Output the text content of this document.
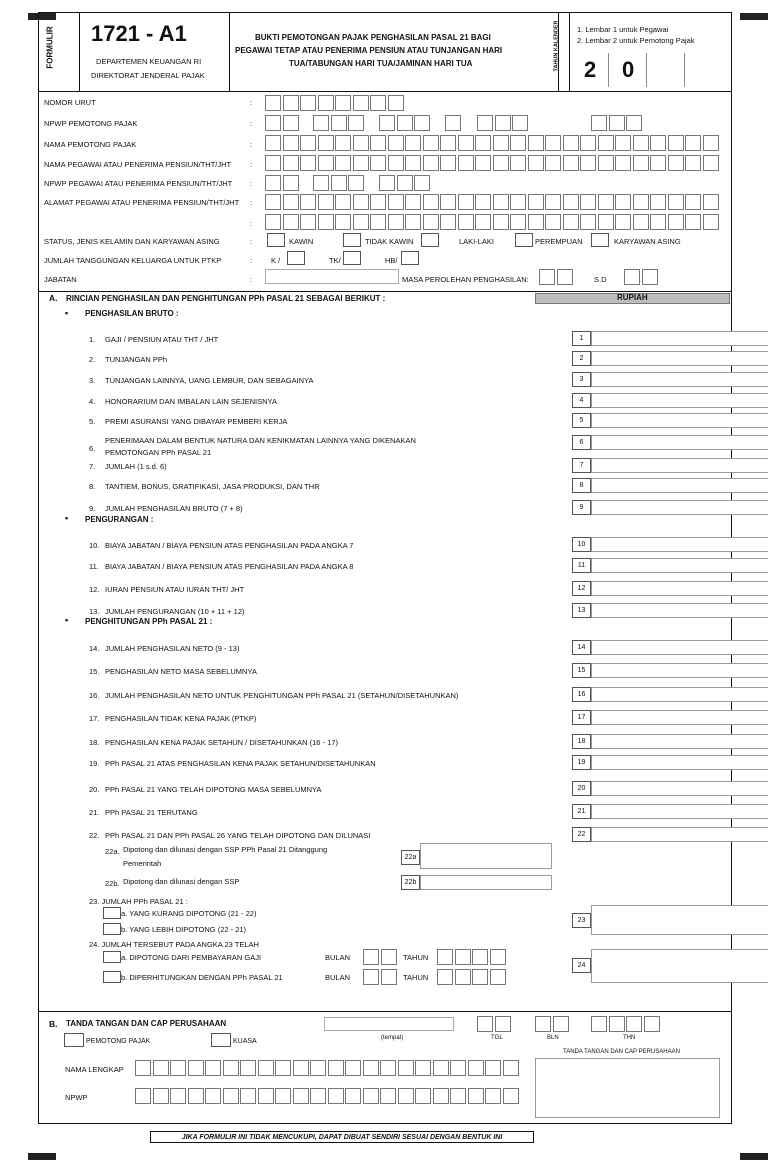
FORMULIR 1721 - A1
DEPARTEMEN KEUANGAN RI
DIREKTORAT JENDERAL PAJAK
BUKTI PEMOTONGAN PAJAK PENGHASILAN PASAL 21 BAGI
PEGAWAI TETAP ATAU PENERIMA PENSIUN ATAU TUNJANGAN HARI
TUA/TABUNGAN HARI TUA/JAMINAN HARI TUA	TAHUN KALENDER 1. Lembar 1 untuk Pegawai
2. Lembar 2 untuk Pemotong Pajak
2 0
NOMOR URUT	:
NPWP PEMOTONG PAJAK	:
NAMA PEMOTONG PAJAK	:
NAMA PEGAWAI ATAU PENERIMA PENSIUN/THT/JHT	:
NPWP PEGAWAI ATAU PENERIMA PENSIUN/THT/JHT :
ALAMAT PEGAWAI ATAU PENERIMA PENSIUN/THT/JHT :
:
STATUS, JENIS KELAMIN DAN KARYAWAN ASING	:	KAWIN	TIDAK KAWIN	LAKI-LAKI	PEREMPUAN	KARYAWAN ASING
JUMLAH TANGGUNGAN KELUARGA UNTUK PTKP	:	K /	TK/	HB/
JABATAN	:	MASA PEROLEHAN PENGHASILAN:	S.D
A. RINCIAN PENGHASILAN DAN PENGHITUNGAN PPh PASAL 21 SEBAGAI BERIKUT :	RUPIAH
• PENGHASILAN BRUTO :
• PENGURANGAN :
• PENGHITUNGAN PPh PASAL 21 :
1. GAJI / PENSIUN ATAU THT / JHT	1
2. TUNJANGAN PPh	2
3. TUNJANGAN LAINNYA, UANG LEMBUR, DAN SEBAGAINYA	3
4. HONORARIUM DAN IMBALAN LAIN SEJENISNYA	4
5. PREMI ASURANSI YANG DIBAYAR PEMBERI KERJA	5
6.
PENERIMAAN DALAM BENTUK NATURA DAN KENIKMATAN LAINNYA YANG DIKENAKAN
PEMOTONGAN PPh PASAL 21
6
7. JUMLAH (1 s.d. 6)	7
8. TANTIEM, BONUS, GRATIFIKASI, JASA PRODUKSI, DAN THR	8
9. JUMLAH PENGHASILAN BRUTO (7 + 8)	9
10. BIAYA JABATAN / BIAYA PENSIUN ATAS PENGHASILAN PADA ANGKA 7	10
11. BIAYA JABATAN / BIAYA PENSIUN ATAS PENGHASILAN PADA ANGKA 8	11
12. IURAN PENSIUN ATAU IURAN THT/ JHT	12
13. JUMLAH PENGURANGAN (10 + 11 + 12)	13
14. JUMLAH PENGHASILAN NETO (9 - 13)	14
15. PENGHASILAN NETO MASA SEBELUMNYA	15
16. JUMLAH PENGHASILAN NETO UNTUK PENGHITUNGAN PPh PASAL 21 (SETAHUN/DISETAHUNKAN)	16
17. PENGHASILAN TIDAK KENA PAJAK (PTKP)	17
18. PENGHASILAN KENA PAJAK SETAHUN / DISETAHUNKAN (16 - 17)	18
19. PPh PASAL 21 ATAS PENGHASILAN KENA PAJAK SETAHUN/DISETAHUNKAN	19
20. PPh PASAL 21 YANG TELAH DIPOTONG MASA SEBELUMNYA	20
21. PPh PASAL 21 TERUTANG	21
22. PPh PASAL 21 DAN PPh PASAL 26 YANG TELAH DIPOTONG DAN DILUNASI	22
22a. Dipotong dan dilunasi dengan SSP PPh Pasal 21 Ditanggung
Pemerintah
22a
22b. Dipotong dan dilunasi dengan SSP	22b
23. JUMLAH PPh PASAL 21 :
a. YANG KURANG DIPOTONG (21 - 22)
b. YANG LEBIH DIPOTONG (22 - 21)
23
24. JUMLAH TERSEBUT PADA ANGKA 23 TELAH
a. DIPOTONG DARI PEMBAYARAN GAJI	BULAN	TAHUN
b. DIPERHITUNGKAN DENGAN PPh PASAL 21	BULAN	TAHUN
24
B. TANDA TANGAN DAN CAP PERUSAHAAN
PEMOTONG PAJAK	KUASA	(tempat)	TGL	BLN	THN
TANDA TANGAN DAN CAP PERUSAHAAN
NAMA LENGKAP
NPWP
JIKA FORMULIR INI TIDAK MENCUKUPI, DAPAT DIBUAT SENDIRI SESUAI DENGAN BENTUK INI
